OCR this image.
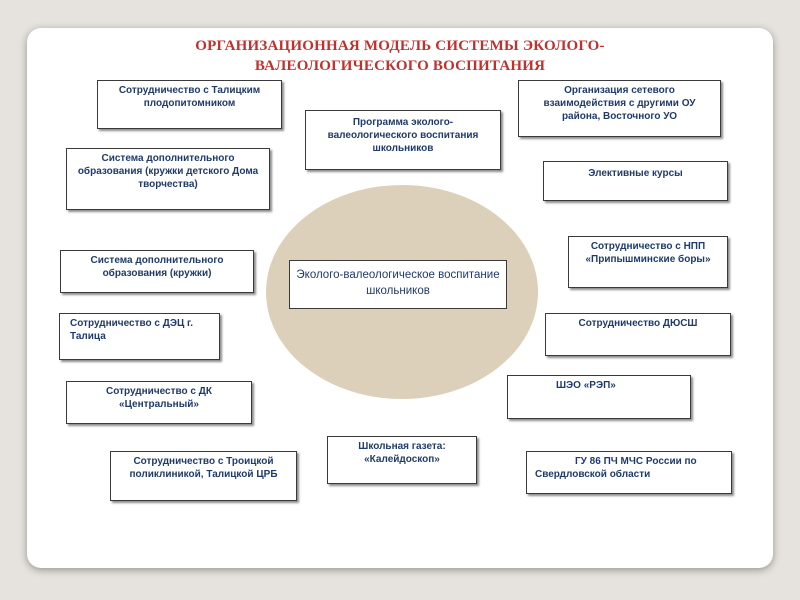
ОРГАНИЗАЦИОННАЯ МОДЕЛЬ СИСТЕМЫ ЭКОЛОГО-
ВАЛЕОЛОГИЧЕСКОГО ВОСПИТАНИЯ
Эколого-валеологическое воспитание школьников
Сотрудничество с Талицким плодопитомником
Программа эколого-валеологического воспитания школьников
Организация сетевого взаимодействия с другими ОУ района, Восточного УО
Система дополнительного образования (кружки детского Дома творчества)
Элективные курсы
Система дополнительного образования (кружки)
Сотрудничество с НПП «Припышминские боры»
Сотрудничество с ДЭЦ г. Талица
Сотрудничество ДЮСШ
Сотрудничество с ДК «Центральный»
ШЭО «РЭП»
Школьная газета: «Калейдоскоп»
Сотрудничество с Троицкой поликлиникой, Талицкой ЦРБ
ГУ 86 ПЧ МЧС России по Свердловской области
